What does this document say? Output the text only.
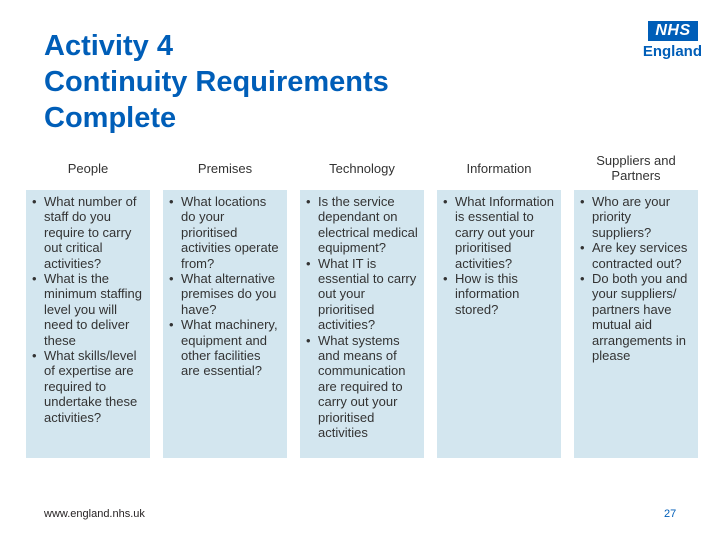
Activity 4
Continuity Requirements
Complete
NHS
England
People
• What number of staff do you require to carry out critical activities?
• What is the minimum staffing level you will need to deliver these
• What skills/level of expertise are required to undertake these activities?
Premises
• What locations do your prioritised activities operate from?
• What alternative premises do you have?
• What machinery, equipment and other facilities are essential?
Technology
• Is the service dependant on electrical medical equipment?
• What IT is essential to carry out your prioritised activities?
• What systems and means of communication are required to carry out your prioritised activities
Information
• What Information is essential to carry out your prioritised activities?
• How is this information stored?
Suppliers and Partners
• Who are your priority suppliers?
• Are key services contracted out?
• Do both you and your suppliers/ partners have mutual aid arrangements in please
www.england.nhs.uk	27
